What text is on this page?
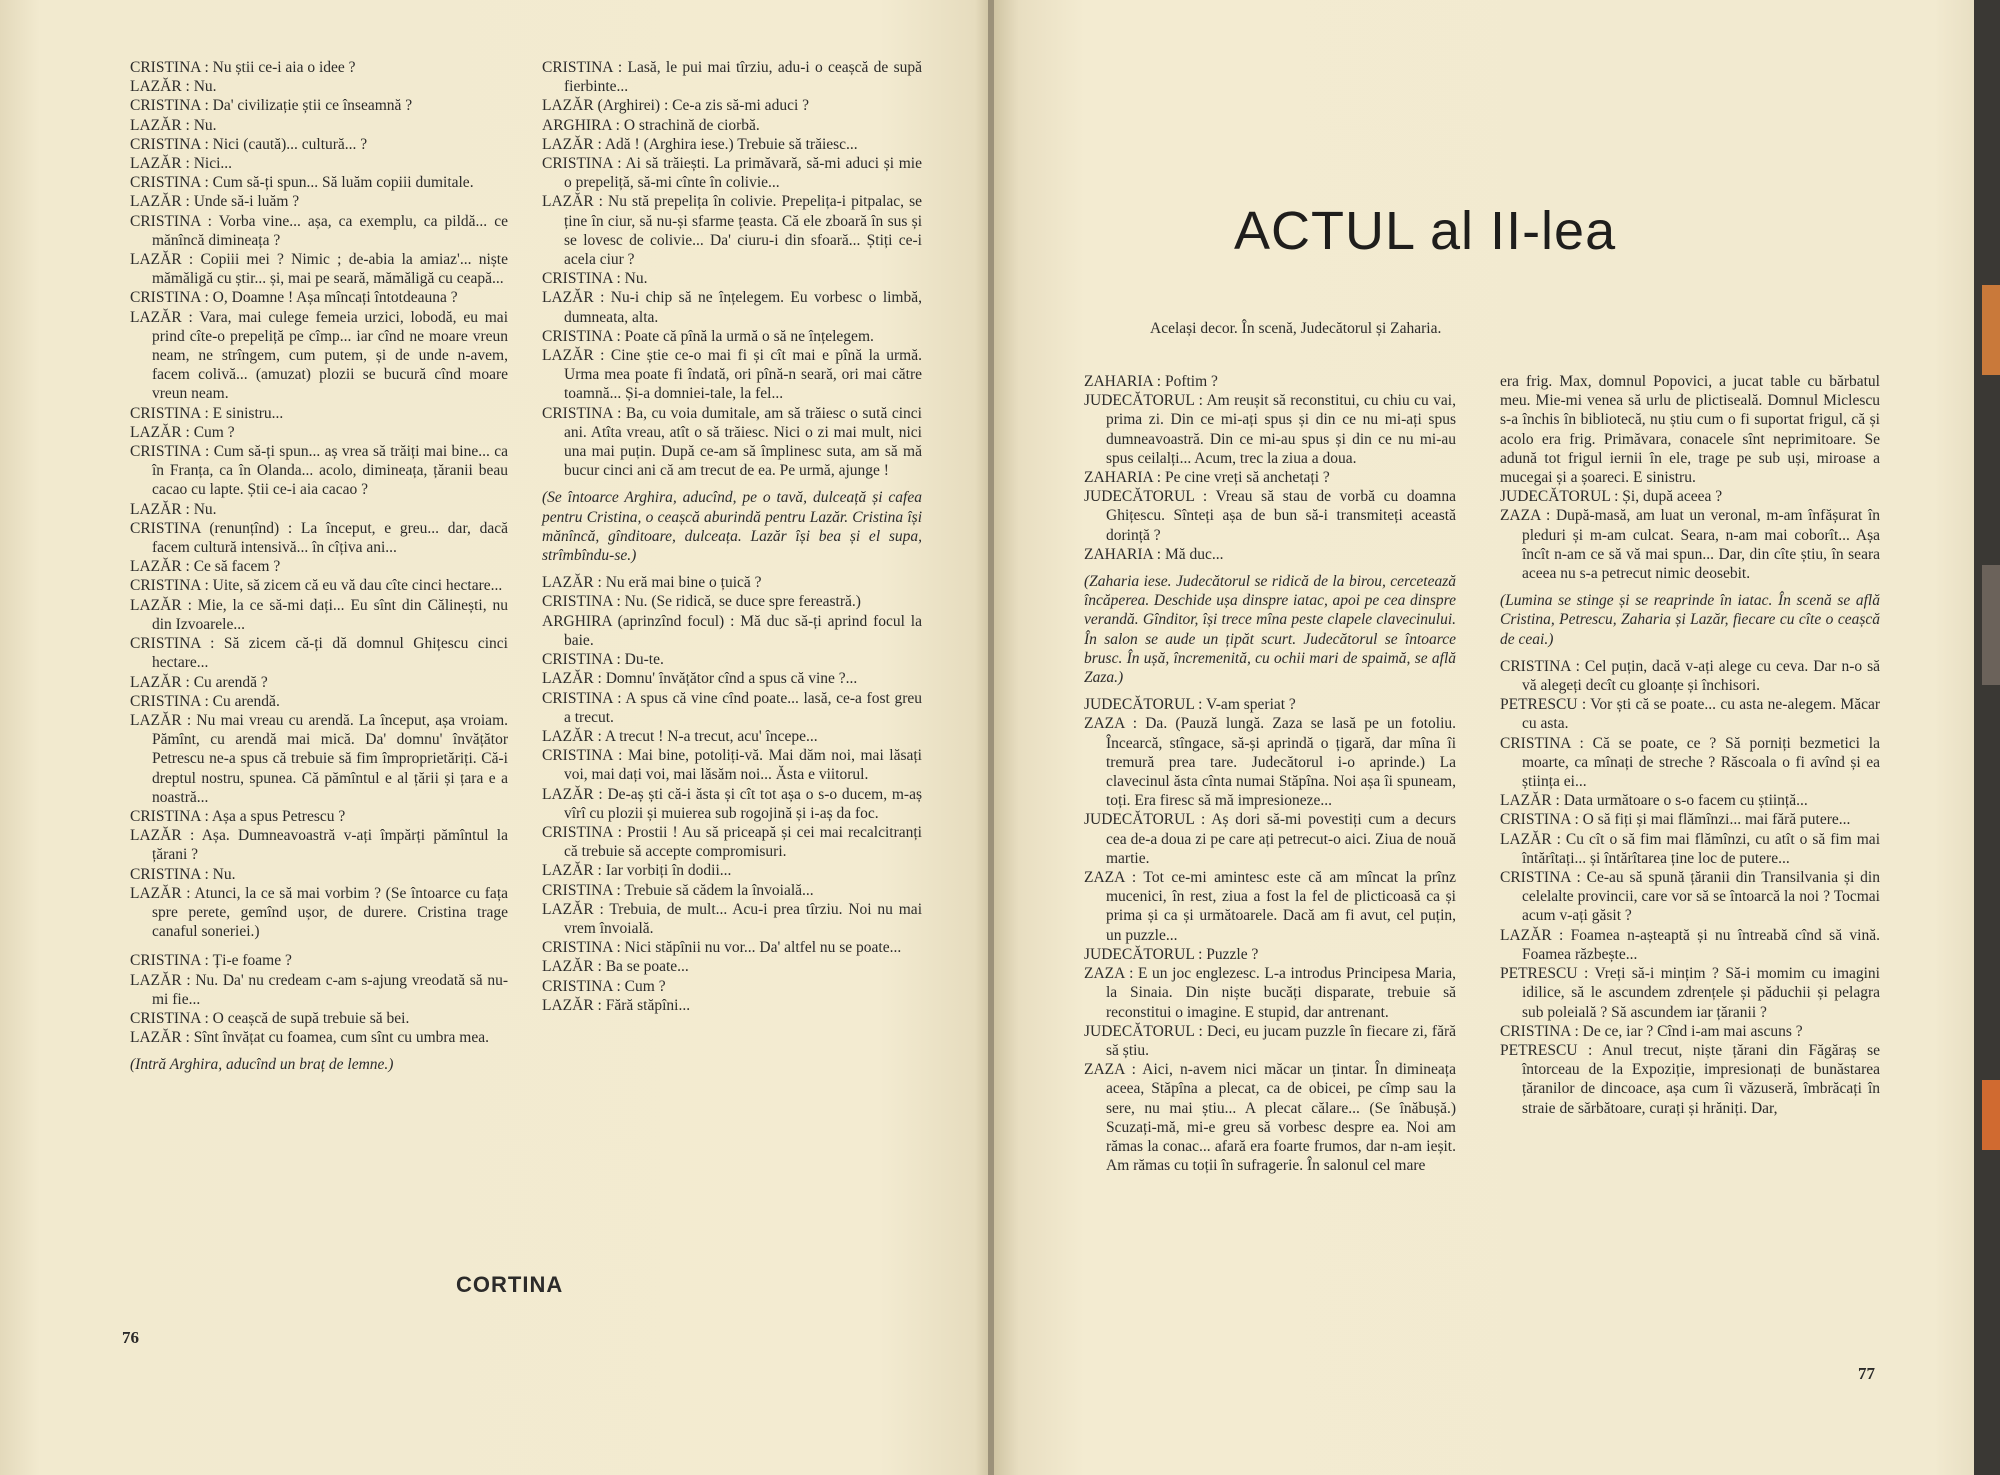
CRISTINA : Nu știi ce-i aia o idee ?

LAZĂR : Nu.

CRISTINA : Da' civilizație știi ce înseamnă ?

LAZĂR : Nu.

CRISTINA : Nici (caută)... cultură... ?

LAZĂR : Nici...

CRISTINA : Cum să-ți spun... Să luăm copiii dumitale.

LAZĂR : Unde să-i luăm ?

CRISTINA : Vorba vine... așa, ca exemplu, ca pildă... ce mănîncă dimineața ?

LAZĂR : Copiii mei ? Nimic ; de-abia la amiaz'... niște mămăligă cu știr... și, mai pe seară, mămăligă cu ceapă...

CRISTINA : O, Doamne ! Așa mîncați întotdeauna ?

LAZĂR : Vara, mai culege femeia urzici, lobodă, eu mai prind cîte-o prepeliță pe cîmp... iar cînd ne moare vreun neam, ne strîngem, cum putem, și de unde n-avem, facem colivă... (amuzat) plozii se bucură cînd moare vreun neam.

CRISTINA : E sinistru...

LAZĂR : Cum ?

CRISTINA : Cum să-ți spun... aș vrea să trăiți mai bine... ca în Franța, ca în Olanda... acolo, dimineața, țăranii beau cacao cu lapte. Știi ce-i aia cacao ?

LAZĂR : Nu.

CRISTINA (renunțînd) : La început, e greu... dar, dacă facem cultură intensivă... în cîțiva ani...

LAZĂR : Ce să facem ?

CRISTINA : Uite, să zicem că eu vă dau cîte cinci hectare...

LAZĂR : Mie, la ce să-mi dați... Eu sînt din Călinești, nu din Izvoarele...

CRISTINA : Să zicem că-ți dă domnul Ghițescu cinci hectare...

LAZĂR : Cu arendă ?

CRISTINA : Cu arendă.

LAZĂR : Nu mai vreau cu arendă. La început, așa vroiam. Pămînt, cu arendă mai mică. Da' domnu' învățător Petrescu ne-a spus că trebuie să fim împroprietăriți. Că-i dreptul nostru, spunea. Că pămîntul e al țării și țara e a noastră...

CRISTINA : Așa a spus Petrescu ?

LAZĂR : Așa. Dumneavoastră v-ați împărți pămîntul la țărani ?

CRISTINA : Nu.

LAZĂR : Atunci, la ce să mai vorbim ? (Se întoarce cu fața spre perete, gemînd ușor, de durere. Cristina trage canaful soneriei.)

CRISTINA : Ți-e foame ?

LAZĂR : Nu. Da' nu credeam c-am s-ajung vreodată să nu-mi fie...

CRISTINA : O ceașcă de supă trebuie să bei.

LAZĂR : Sînt învățat cu foamea, cum sînt cu umbra mea.

(Intră Arghira, aducînd un braț de lemne.)

CRISTINA : Lasă, le pui mai tîrziu, adu-i o ceașcă de supă fierbinte...

LAZĂR (Arghirei) : Ce-a zis să-mi aduci ?

ARGHIRA : O strachină de ciorbă.

LAZĂR : Adă ! (Arghira iese.) Trebuie să trăiesc...

CRISTINA : Ai să trăiești. La primăvară, să-mi aduci și mie o prepeliță, să-mi cînte în colivie...

LAZĂR : Nu stă prepelița în colivie. Prepelița-i pitpalac, se ține în ciur, să nu-și sfarme țeasta. Că ele zboară în sus și se lovesc de colivie... Da' ciuru-i din sfoară... Știți ce-i acela ciur ?

CRISTINA : Nu.

LAZĂR : Nu-i chip să ne înțelegem. Eu vorbesc o limbă, dumneata, alta.

CRISTINA : Poate că pînă la urmă o să ne înțelegem.

LAZĂR : Cine știe ce-o mai fi și cît mai e pînă la urmă. Urma mea poate fi îndată, ori pînă-n seară, ori mai către toamnă... Și-a domniei-tale, la fel...

CRISTINA : Ba, cu voia dumitale, am să trăiesc o sută cinci ani. Atîta vreau, atît o să trăiesc. Nici o zi mai mult, nici una mai puțin. După ce-am să împlinesc suta, am să mă bucur cinci ani că am trecut de ea. Pe urmă, ajunge !

(Se întoarce Arghira, aducînd, pe o tavă, dulceață și cafea pentru Cristina, o ceașcă aburindă pentru Lazăr. Cristina își mănîncă, gînditoare, dulceața. Lazăr își bea și el supa, strîmbîndu-se.)

LAZĂR : Nu eră mai bine o țuică ?

CRISTINA : Nu. (Se ridică, se duce spre fereastră.)

ARGHIRA (aprinzînd focul) : Mă duc să-ți aprind focul la baie.

CRISTINA : Du-te.

LAZĂR : Domnu' învățător cînd a spus că vine ?...

CRISTINA : A spus că vine cînd poate... lasă, ce-a fost greu a trecut.

LAZĂR : A trecut ! N-a trecut, acu' începe...

CRISTINA : Mai bine, potoliți-vă. Mai dăm noi, mai lăsați voi, mai dați voi, mai lăsăm noi... Ăsta e viitorul.

LAZĂR : De-aș ști că-i ăsta și cît tot așa o s-o ducem, m-aș vîrî cu plozii și muierea sub rogojină și i-aș da foc.

CRISTINA : Prostii ! Au să priceapă și cei mai recalcitranți că trebuie să accepte compromisuri.

LAZĂR : Iar vorbiți în dodii...

CRISTINA : Trebuie să cădem la învoială...

LAZĂR : Trebuia, de mult... Acu-i prea tîrziu. Noi nu mai vrem învoială.

CRISTINA : Nici stăpînii nu vor... Da' altfel nu se poate...

LAZĂR : Ba se poate...

CRISTINA : Cum ?

LAZĂR : Fără stăpîni...

CORTINA
76
ACTUL al II-lea
Același decor. În scenă, Judecătorul și Zaharia.

ZAHARIA : Poftim ?

JUDECĂTORUL : Am reușit să reconstitui, cu chiu cu vai, prima zi. Din ce mi-ați spus și din ce nu mi-ați spus dumneavoastră. Din ce mi-au spus și din ce nu mi-au spus ceilalți... Acum, trec la ziua a doua.

ZAHARIA : Pe cine vreți să anchetați ?

JUDECĂTORUL : Vreau să stau de vorbă cu doamna Ghițescu. Sînteți așa de bun să-i transmiteți această dorință ?

ZAHARIA : Mă duc...

(Zaharia iese. Judecătorul se ridică de la birou, cercetează încăperea. Deschide ușa dinspre iatac, apoi pe cea dinspre verandă. Gînditor, își trece mîna peste clapele clavecinului. În salon se aude un țipăt scurt. Judecătorul se întoarce brusc. În ușă, încremenită, cu ochii mari de spaimă, se află Zaza.)

JUDECĂTORUL : V-am speriat ?

ZAZA : Da. (Pauză lungă. Zaza se lasă pe un fotoliu. Încearcă, stîngace, să-și aprindă o țigară, dar mîna îi tremură prea tare. Judecătorul i-o aprinde.) La clavecinul ăsta cînta numai Stăpîna. Noi așa îi spuneam, toți. Era firesc să mă impresioneze...

JUDECĂTORUL : Aș dori să-mi povestiți cum a decurs cea de-a doua zi pe care ați petrecut-o aici. Ziua de nouă martie.

ZAZA : Tot ce-mi amintesc este că am mîncat la prînz mucenici, în rest, ziua a fost la fel de plicticoasă ca și prima și ca și următoarele. Dacă am fi avut, cel puțin, un puzzle...

JUDECĂTORUL : Puzzle ?

ZAZA : E un joc englezesc. L-a introdus Principesa Maria, la Sinaia. Din niște bucăți disparate, trebuie să reconstitui o imagine. E stupid, dar antrenant.

JUDECĂTORUL : Deci, eu jucam puzzle în fiecare zi, fără să știu.

ZAZA : Aici, n-avem nici măcar un țintar. În dimineața aceea, Stăpîna a plecat, ca de obicei, pe cîmp sau la sere, nu mai știu... A plecat călare... (Se înăbușă.) Scuzați-mă, mi-e greu să vorbesc despre ea. Noi am rămas la conac... afară era foarte frumos, dar n-am ieșit. Am rămas cu toții în sufragerie. În salonul cel mare

era frig. Max, domnul Popovici, a jucat table cu bărbatul meu. Mie-mi venea să urlu de plictiseală. Domnul Miclescu s-a închis în bibliotecă, nu știu cum o fi suportat frigul, că și acolo era frig. Primăvara, conacele sînt neprimitoare. Se adună tot frigul iernii în ele, trage pe sub uși, miroase a mucegai și a șoareci. E sinistru.

JUDECĂTORUL : Și, după aceea ?

ZAZA : După-masă, am luat un veronal, m-am înfășurat în pleduri și m-am culcat. Seara, n-am mai coborît... Așa încît n-am ce să vă mai spun... Dar, din cîte știu, în seara aceea nu s-a petrecut nimic deosebit.

(Lumina se stinge și se reaprinde în iatac. În scenă se află Cristina, Petrescu, Zaharia și Lazăr, fiecare cu cîte o ceașcă de ceai.)

CRISTINA : Cel puțin, dacă v-ați alege cu ceva. Dar n-o să vă alegeți decît cu gloanțe și închisori.

PETRESCU : Vor ști că se poate... cu asta ne-alegem. Măcar cu asta.

CRISTINA : Că se poate, ce ? Să porniți bezmetici la moarte, ca mînați de streche ? Răscoala o fi avînd și ea știința ei...

LAZĂR : Data următoare o s-o facem cu știință...

CRISTINA : O să fiți și mai flămînzi... mai fără putere...

LAZĂR : Cu cît o să fim mai flămînzi, cu atît o să fim mai întărîtați... și întărîtarea ține loc de putere...

CRISTINA : Ce-au să spună țăranii din Transilvania și din celelalte provincii, care vor să se întoarcă la noi ? Tocmai acum v-ați găsit ?

LAZĂR : Foamea n-așteaptă și nu întreabă cînd să vină. Foamea răzbește...

PETRESCU : Vreți să-i mințim ? Să-i momim cu imagini idilice, să le ascundem zdrențele și păduchii și pelagra sub poleială ? Să ascundem iar țăranii ?

CRISTINA : De ce, iar ? Cînd i-am mai ascuns ?

PETRESCU : Anul trecut, niște țărani din Făgăraș se întorceau de la Expoziție, impresionați de bunăstarea țăranilor de dincoace, așa cum îi văzuseră, îmbrăcați în straie de sărbătoare, curați și hrăniți. Dar,

77
